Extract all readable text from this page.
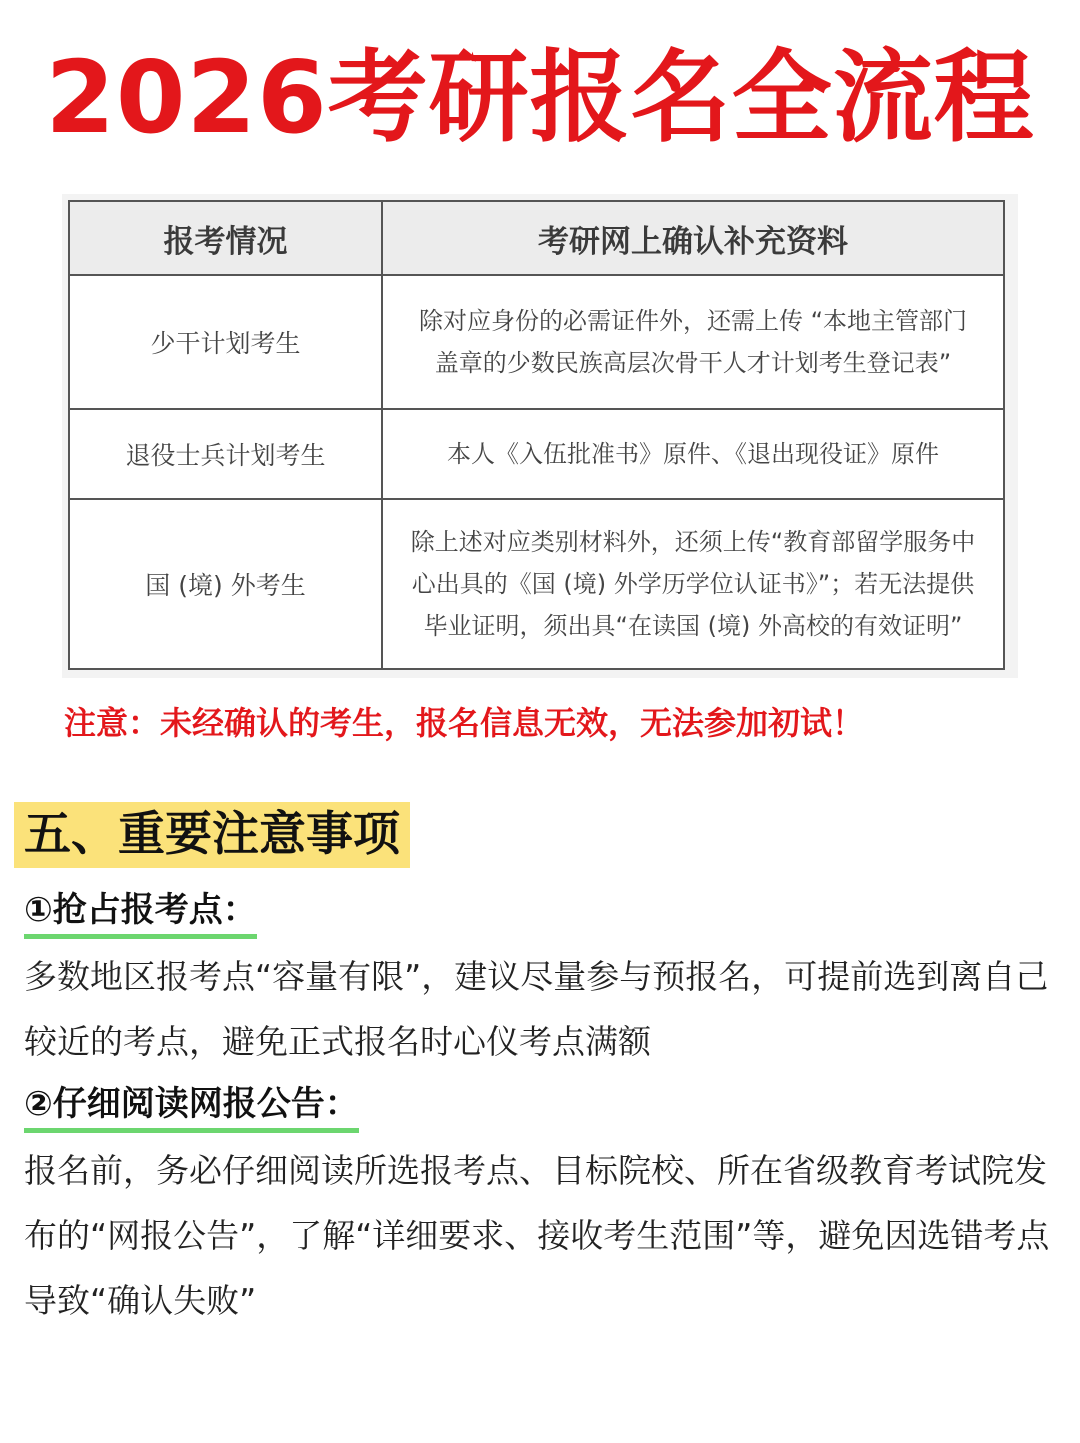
2026考研报名全流程
报考情况	考研网上确认补充资料
少干计划考生	除对应身份的必需证件外，还需上传 “本地主管部门
盖章的少数民族高层次骨干人才计划考生登记表”

退役士兵计划考生	本人《入伍批准书》原件、《退出现役证》原件

国 (境) 外考生	除上述对应类别材料外，还须上传“教育部留学服务中
心出具的《国 (境) 外学历学位认证书》”；若无法提供
毕业证明，须出具“在读国 (境) 外高校的有效证明”
注意：未经确认的考生，报名信息无效，无法参加初试！
五、重要注意事项
①抢占报考点：
多数地区报考点“容量有限”，建议尽量参与预报名，可提前选到离自己较近的考点，避免正式报名时心仪考点满额
②仔细阅读网报公告：
报名前，务必仔细阅读所选报考点、目标院校、所在省级教育考试院发布的“网报公告”，了解“详细要求、接收考生范围”等，避免因选错考点导致“确认失败”
